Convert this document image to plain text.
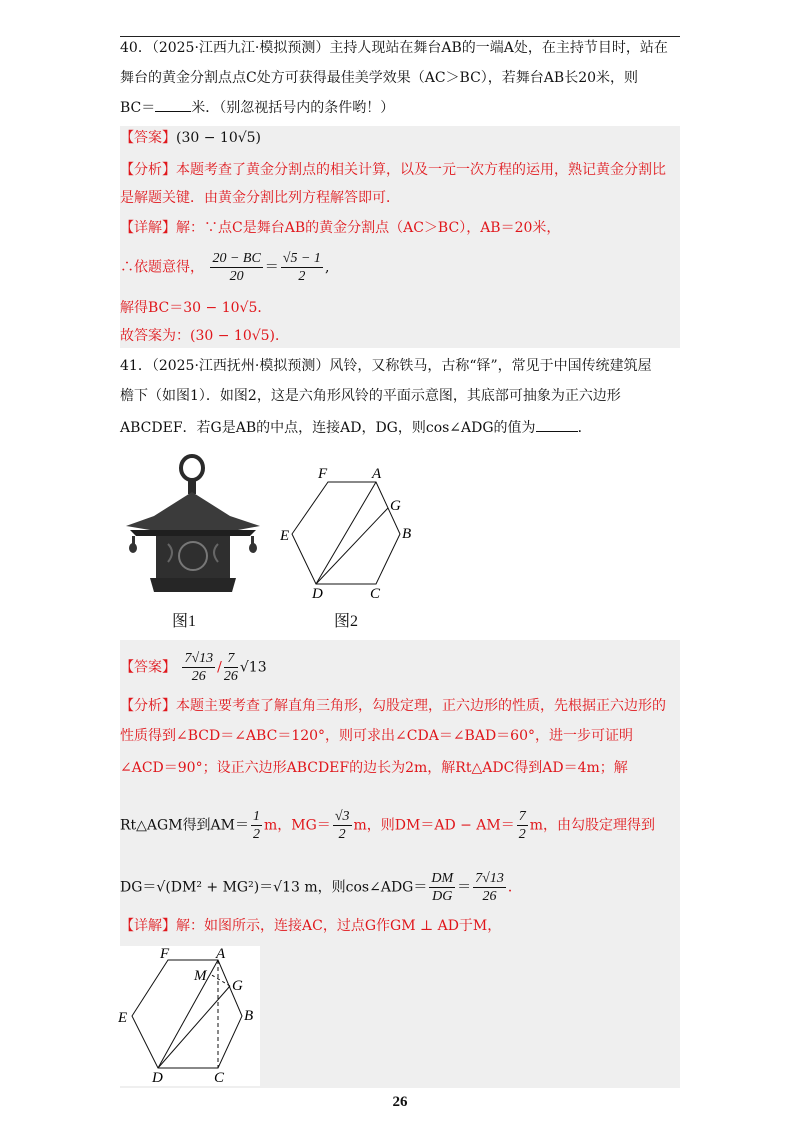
40．（2025·江西九江·模拟预测）主持人现站在舞台AB的一端A处，在主持节目时，站在
舞台的黄金分割点点C处方可获得最佳美学效果（AC＞BC），若舞台AB长20米，则
BC＝	米．（别忽视括号内的条件哟！）
【答案】(30 − 10√5)
【分析】本题考查了黄金分割点的相关计算，以及一元一次方程的运用，熟记黄金分割比
是解题关键．由黄金分割比列方程解答即可．
【详解】解：∵点C是舞台AB的黄金分割点（AC＞BC），AB＝20米，
∴依题意得， $\frac{20 - BC}{20} = \frac{√5 - 1}{2}$ ,
解得BC＝30 − 10√5．
故答案为：(30 − 10√5)．
41．（2025·江西抚州·模拟预测）风铃，又称铁马，古称“铎”，常见于中国传统建筑屋
檐下（如图1）．如图2，这是六角形风铃的平面示意图，其底部可抽象为正六边形
ABCDEF．若G是AB的中点，连接AD，DG，则cos∠ADG的值为	．
图1
F	A
G
B
E
D	C
图2
【答案】 $\frac{7√13}{26} / \frac{7}{26} √13$
【分析】本题主要考查了解直角三角形，勾股定理，正六边形的性质，先根据正六边形的
性质得到∠BCD＝∠ABC＝120°，则可求出∠CDA＝∠BAD＝60°，进一步可证明
∠ACD＝90°；设正六边形ABCDEF的边长为2m，解Rt△ADC得到AD＝4m；解
Rt△AGM得到$AM= \frac{1}{2}$ m，$MG= \frac{√3}{2}$ m，则$DM=AD - AM= \frac{7}{2}$ m，由勾股定理得到
DG＝√(DM² + MG²)＝√13 m，则cos∠ADG＝ $\frac{DM}{DG} = \frac{7√13}{26}$ ．
【详解】解：如图所示，连接AC，过点G作GM ⊥ AD于M，
F	A
M
G
B
E
D	C
26
